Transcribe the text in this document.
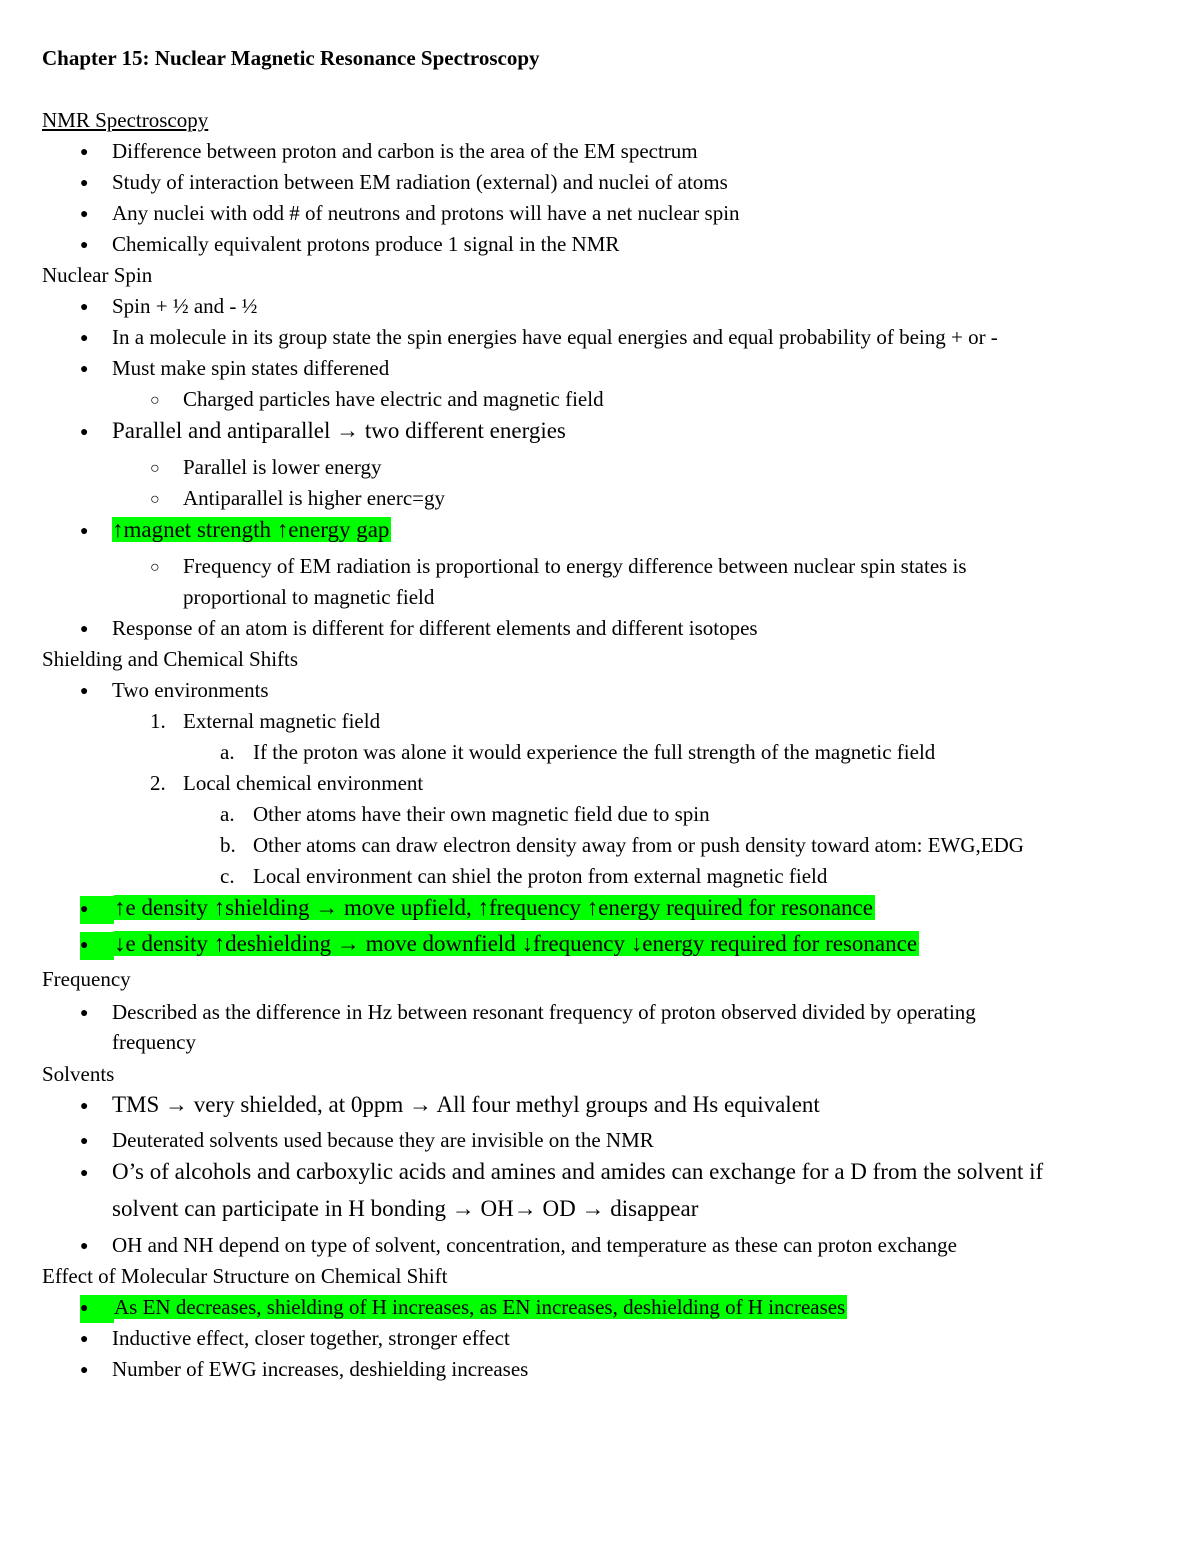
Chapter 15: Nuclear Magnetic Resonance Spectroscopy
NMR Spectroscopy
● Difference between proton and carbon is the area of the EM spectrum
● Study of interaction between EM radiation (external) and nuclei of atoms
● Any nuclei with odd # of neutrons and protons will have a net nuclear spin
● Chemically equivalent protons produce 1 signal in the NMR
Nuclear Spin
● Spin + ½ and - ½
● In a molecule in its group state the spin energies have equal energies and equal probability of being + or -
● Must make spin states differened
○ Charged particles have electric and magnetic field
● Parallel and antiparallel → two different energies
○ Parallel is lower energy
○ Antiparallel is higher enerc=gy
● ↑magnet strength ↑energy gap
○ Frequency of EM radiation is proportional to energy difference between nuclear spin states is
proportional to magnetic field
● Response of an atom is different for different elements and different isotopes
Shielding and Chemical Shifts
● Two environments
1. External magnetic field
a. If the proton was alone it would experience the full strength of the magnetic field
2. Local chemical environment
a. Other atoms have their own magnetic field due to spin
b. Other atoms can draw electron density away from or push density toward atom: EWG,EDG
c. Local environment can shiel the proton from external magnetic field
● ↑e density ↑shielding → move upfield, ↑frequency ↑energy required for resonance
● ↓e density ↑deshielding → move downfield ↓frequency ↓energy required for resonance
Frequency
● Described as the difference in Hz between resonant frequency of proton observed divided by operating
frequency
Solvents
● TMS → very shielded, at 0ppm → All four methyl groups and Hs equivalent
● Deuterated solvents used because they are invisible on the NMR
● O’s of alcohols and carboxylic acids and amines and amides can exchange for a D from the solvent if
solvent can participate in H bonding → OH→ OD → disappear
● OH and NH depend on type of solvent, concentration, and temperature as these can proton exchange
Effect of Molecular Structure on Chemical Shift
● As EN decreases, shielding of H increases, as EN increases, deshielding of H increases
● Inductive effect, closer together, stronger effect
● Number of EWG increases, deshielding increases
